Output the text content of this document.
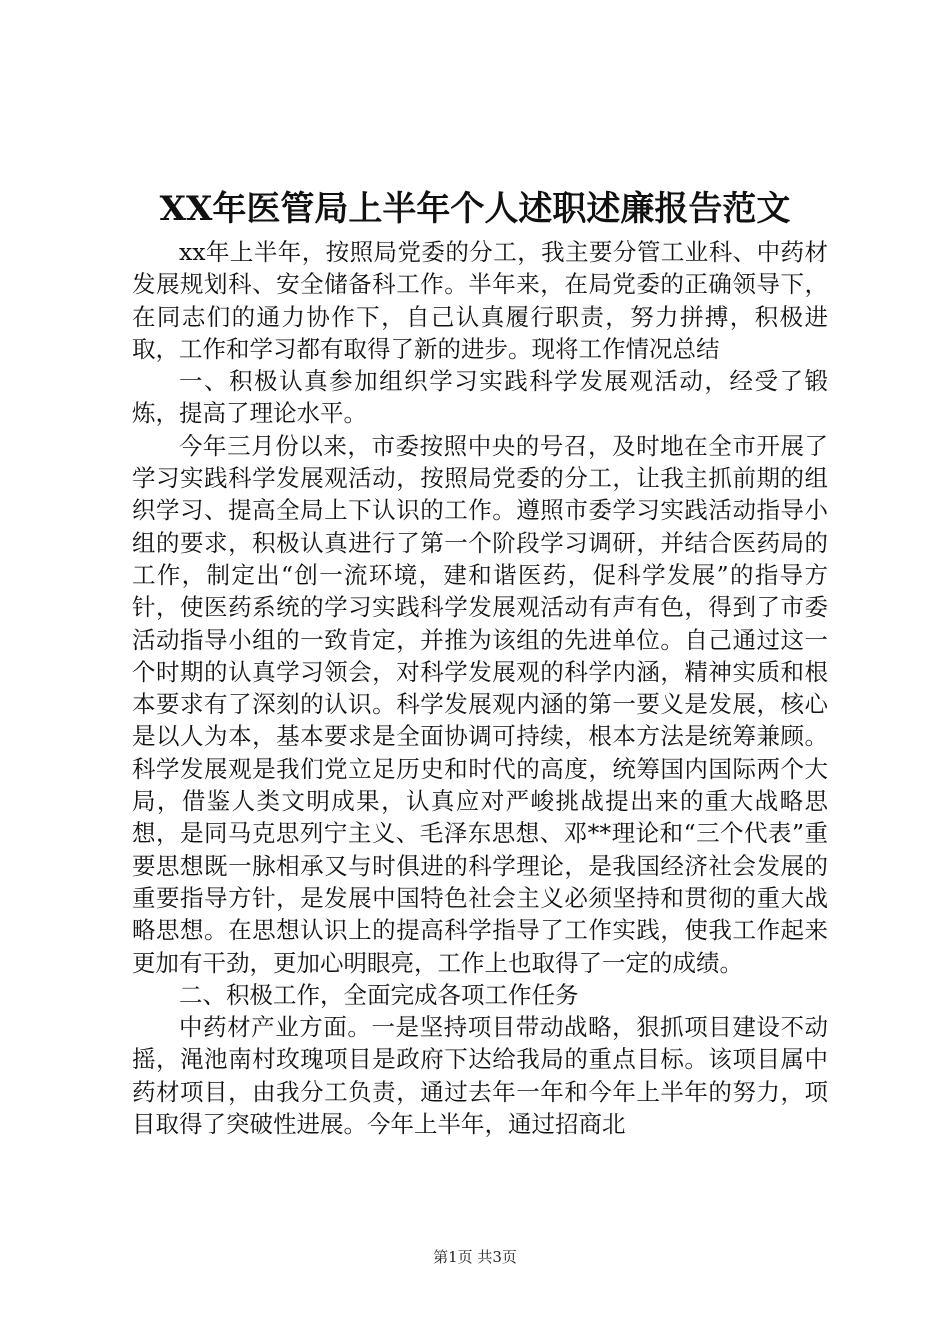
XX年医管局上半年个人述职述廉报告范文

xx年上半年，按照局党委的分工，我主要分管工业科、中药材发展规划科、安全储备科工作。半年来，在局党委的正确领导下，在同志们的通力协作下，自己认真履行职责，努力拼搏，积极进取，工作和学习都有取得了新的进步。现将工作情况总结

一、积极认真参加组织学习实践科学发展观活动，经受了锻炼，提高了理论水平。

今年三月份以来，市委按照中央的号召，及时地在全市开展了学习实践科学发展观活动，按照局党委的分工，让我主抓前期的组织学习、提高全局上下认识的工作。遵照市委学习实践活动指导小组的要求，积极认真进行了第一个阶段学习调研，并结合医药局的工作，制定出“创一流环境，建和谐医药，促科学发展”的指导方针，使医药系统的学习实践科学发展观活动有声有色，得到了市委活动指导小组的一致肯定，并推为该组的先进单位。自己通过这一个时期的认真学习领会，对科学发展观的科学内涵，精神实质和根本要求有了深刻的认识。科学发展观内涵的第一要义是发展，核心是以人为本，基本要求是全面协调可持续，根本方法是统筹兼顾。科学发展观是我们党立足历史和时代的高度，统筹国内国际两个大局，借鉴人类文明成果，认真应对严峻挑战提出来的重大战略思想，是同马克思列宁主义、毛泽东思想、邓**理论和“三个代表”重要思想既一脉相承又与时俱进的科学理论，是我国经济社会发展的重要指导方针，是发展中国特色社会主义必须坚持和贯彻的重大战略思想。在思想认识上的提高科学指导了工作实践，使我工作起来更加有干劲，更加心明眼亮，工作上也取得了一定的成绩。

二、积极工作，全面完成各项工作任务

中药材产业方面。一是坚持项目带动战略，狠抓项目建设不动摇，渑池南村玫瑰项目是政府下达给我局的重点目标。该项目属中药材项目，由我分工负责，通过去年一年和今年上半年的努力，项目取得了突破性进展。今年上半年，通过招商北

第1页 共3页
